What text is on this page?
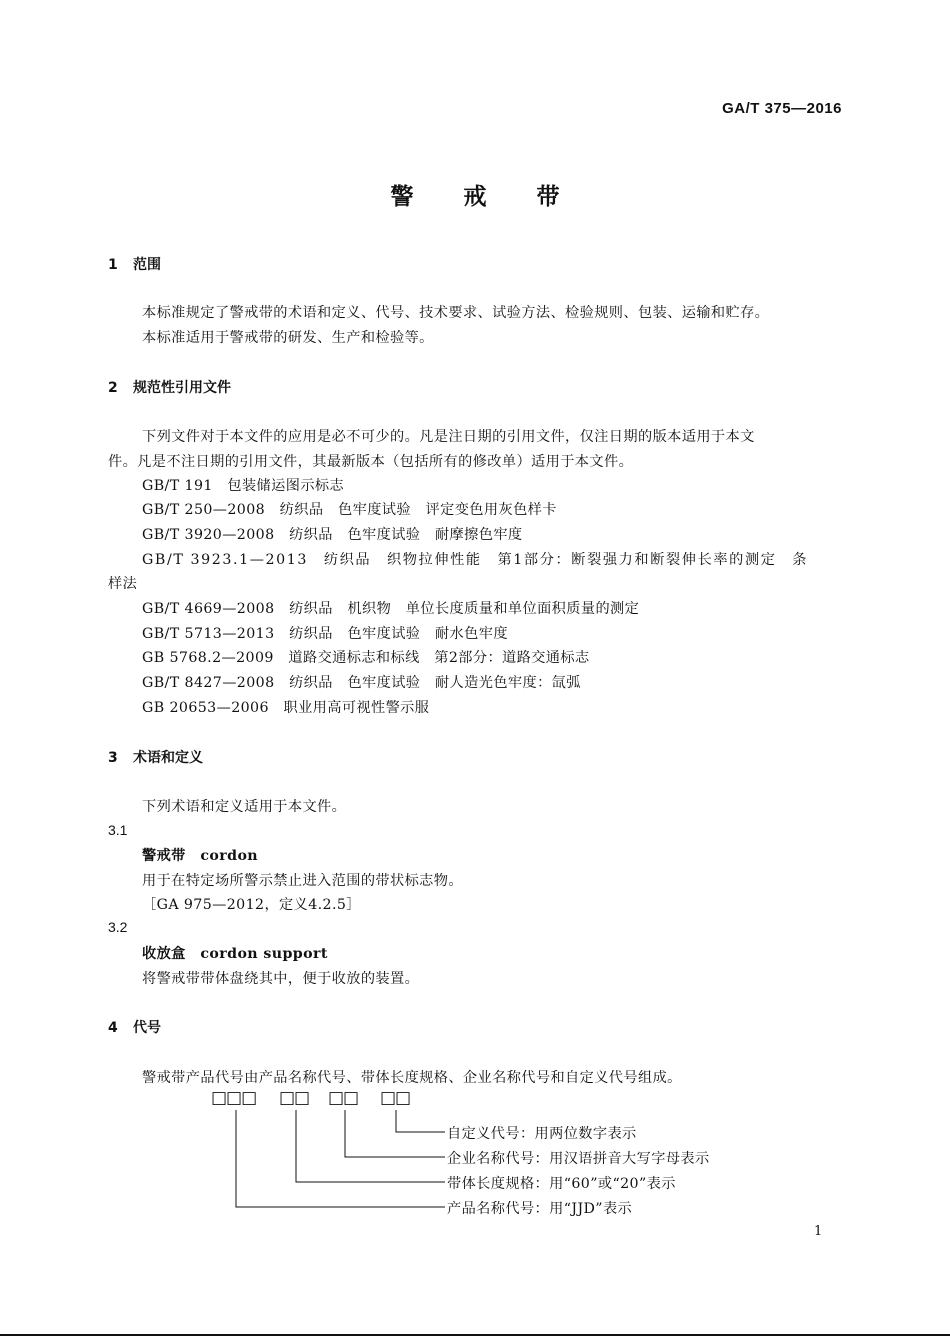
GA/T 375—2016
警戒带
1 范围
本标准规定了警戒带的术语和定义、代号、技术要求、试验方法、检验规则、包装、运输和贮存。
本标准适用于警戒带的研发、生产和检验等。
2 规范性引用文件
下列文件对于本文件的应用是必不可少的。凡是注日期的引用文件，仅注日期的版本适用于本文
件。凡是不注日期的引用文件，其最新版本（包括所有的修改单）适用于本文件。
GB/T 191　包装储运图示标志
GB/T 250—2008　纺织品　色牢度试验　评定变色用灰色样卡
GB/T 3920—2008　纺织品　色牢度试验　耐摩擦色牢度
GB/T 3923.1—2013　纺织品　织物拉伸性能　第1部分：断裂强力和断裂伸长率的测定　条
样法
GB/T 4669—2008　纺织品　机织物　单位长度质量和单位面积质量的测定
GB/T 5713—2013　纺织品　色牢度试验　耐水色牢度
GB 5768.2—2009　道路交通标志和标线　第2部分：道路交通标志
GB/T 8427—2008　纺织品　色牢度试验　耐人造光色牢度：氙弧
GB 20653—2006　职业用高可视性警示服
3 术语和定义
下列术语和定义适用于本文件。
3.1
警戒带　cordon
用于在特定场所警示禁止进入范围的带状标志物。
［GA 975—2012，定义4.2.5］
3.2
收放盒　cordon support
将警戒带带体盘绕其中，便于收放的装置。
4 代号
警戒带产品代号由产品名称代号、带体长度规格、企业名称代号和自定义代号组成。
□□□ □□ □□ □□
自定义代号：用两位数字表示
企业名称代号：用汉语拼音大写字母表示
带体长度规格：用“60”或“20”表示
产品名称代号：用“JJD”表示
1
